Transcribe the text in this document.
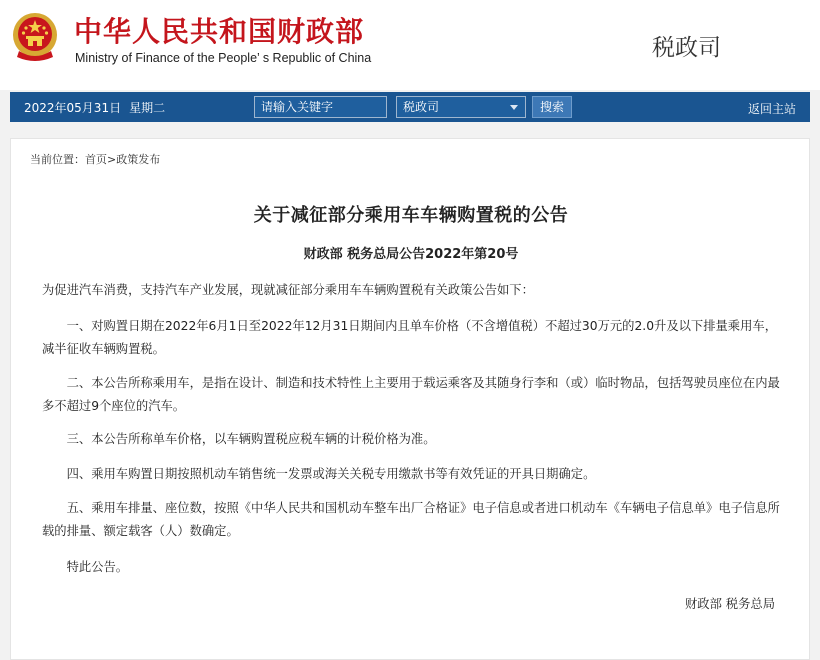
中华人民共和国财政部
Ministry of Finance of the People’ s Republic of China	税政司
2022年05月31日 星期二
请输入关键字	税政司	搜索	返回主站
当前位置：首页>政策发布
关于减征部分乘用车车辆购置税的公告
财政部 税务总局公告2022年第20号

为促进汽车消费，支持汽车产业发展，现就减征部分乘用车车辆购置税有关政策公告如下：

一、对购置日期在2022年6月1日至2022年12月31日期间内且单车价格（不含增值税）不超过30万元的2.0升及以下排量乘用车，减半征收车辆购置税。

二、本公告所称乘用车，是指在设计、制造和技术特性上主要用于载运乘客及其随身行李和（或）临时物品，包括驾驶员座位在内最多不超过9个座位的汽车。

三、本公告所称单车价格，以车辆购置税应税车辆的计税价格为准。

四、乘用车购置日期按照机动车销售统一发票或海关关税专用缴款书等有效凭证的开具日期确定。

五、乘用车排量、座位数，按照《中华人民共和国机动车整车出厂合格证》电子信息或者进口机动车《车辆电子信息单》电子信息所载的排量、额定载客（人）数确定。

特此公告。

财政部 税务总局
